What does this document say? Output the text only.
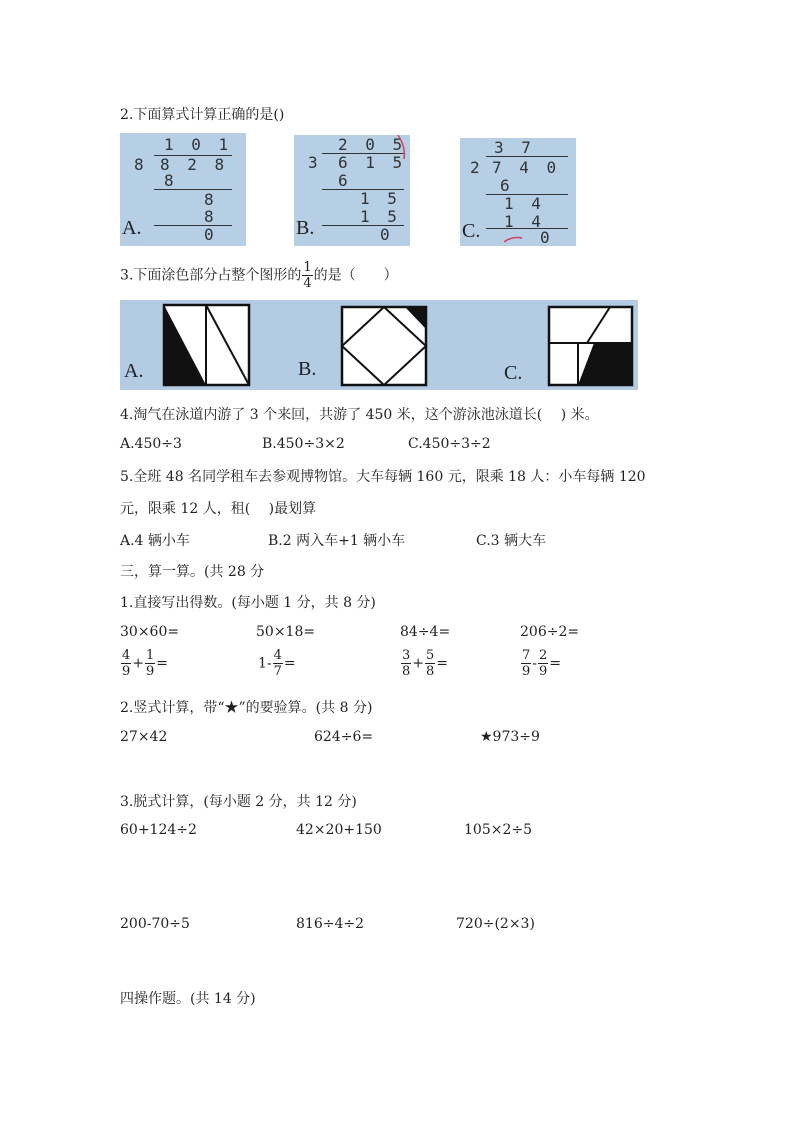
2.下面算式计算正确的是()
1 0 1
8 8 2 8
8
8
8
0
A.
2 0 5
3 6 1 5
6
1 5
1 5
0
B.
3 7
2 7 4 0
6
1 4
1 4
0
C.
3.下面涂色部分占整个图形的 $\frac{1}{4}$ 的是（　　）
A.	B.	C.
4.淘气在泳道内游了 3 个来回，共游了 450 米，这个游泳池泳道长(　 ) 米。
A.450÷3	B.450÷3×2	C.450÷3÷2
5.全班 48 名同学租车去参观博物馆。大车每辆 160 元，限乘 18 人：小车每辆 120
元，限乘 12 人，租(　 )最划算
A.4 辆小车	B.2 两入车+1 辆小车	C.3 辆大车
三，算一算。(共 28 分
1.直接写出得数。(每小题 1 分，共 8 分)
30×60=	50×18=	84÷4=	206÷2=
$\frac{4}{9} + \frac{1}{9}$ =	$1- \frac{4}{7}$ =	$\frac{3}{8} + \frac{5}{8}$ =	$\frac{7}{9} - \frac{2}{9}$ =
2.竖式计算，带“★”的要验算。(共 8 分)
27×42	624÷6=	★973÷9
3.脱式计算，(每小题 2 分，共 12 分)
60+124÷2	42×20+150	105×2÷5
200-70÷5	816÷4÷2	720÷(2×3)
四操作题。(共 14 分)
